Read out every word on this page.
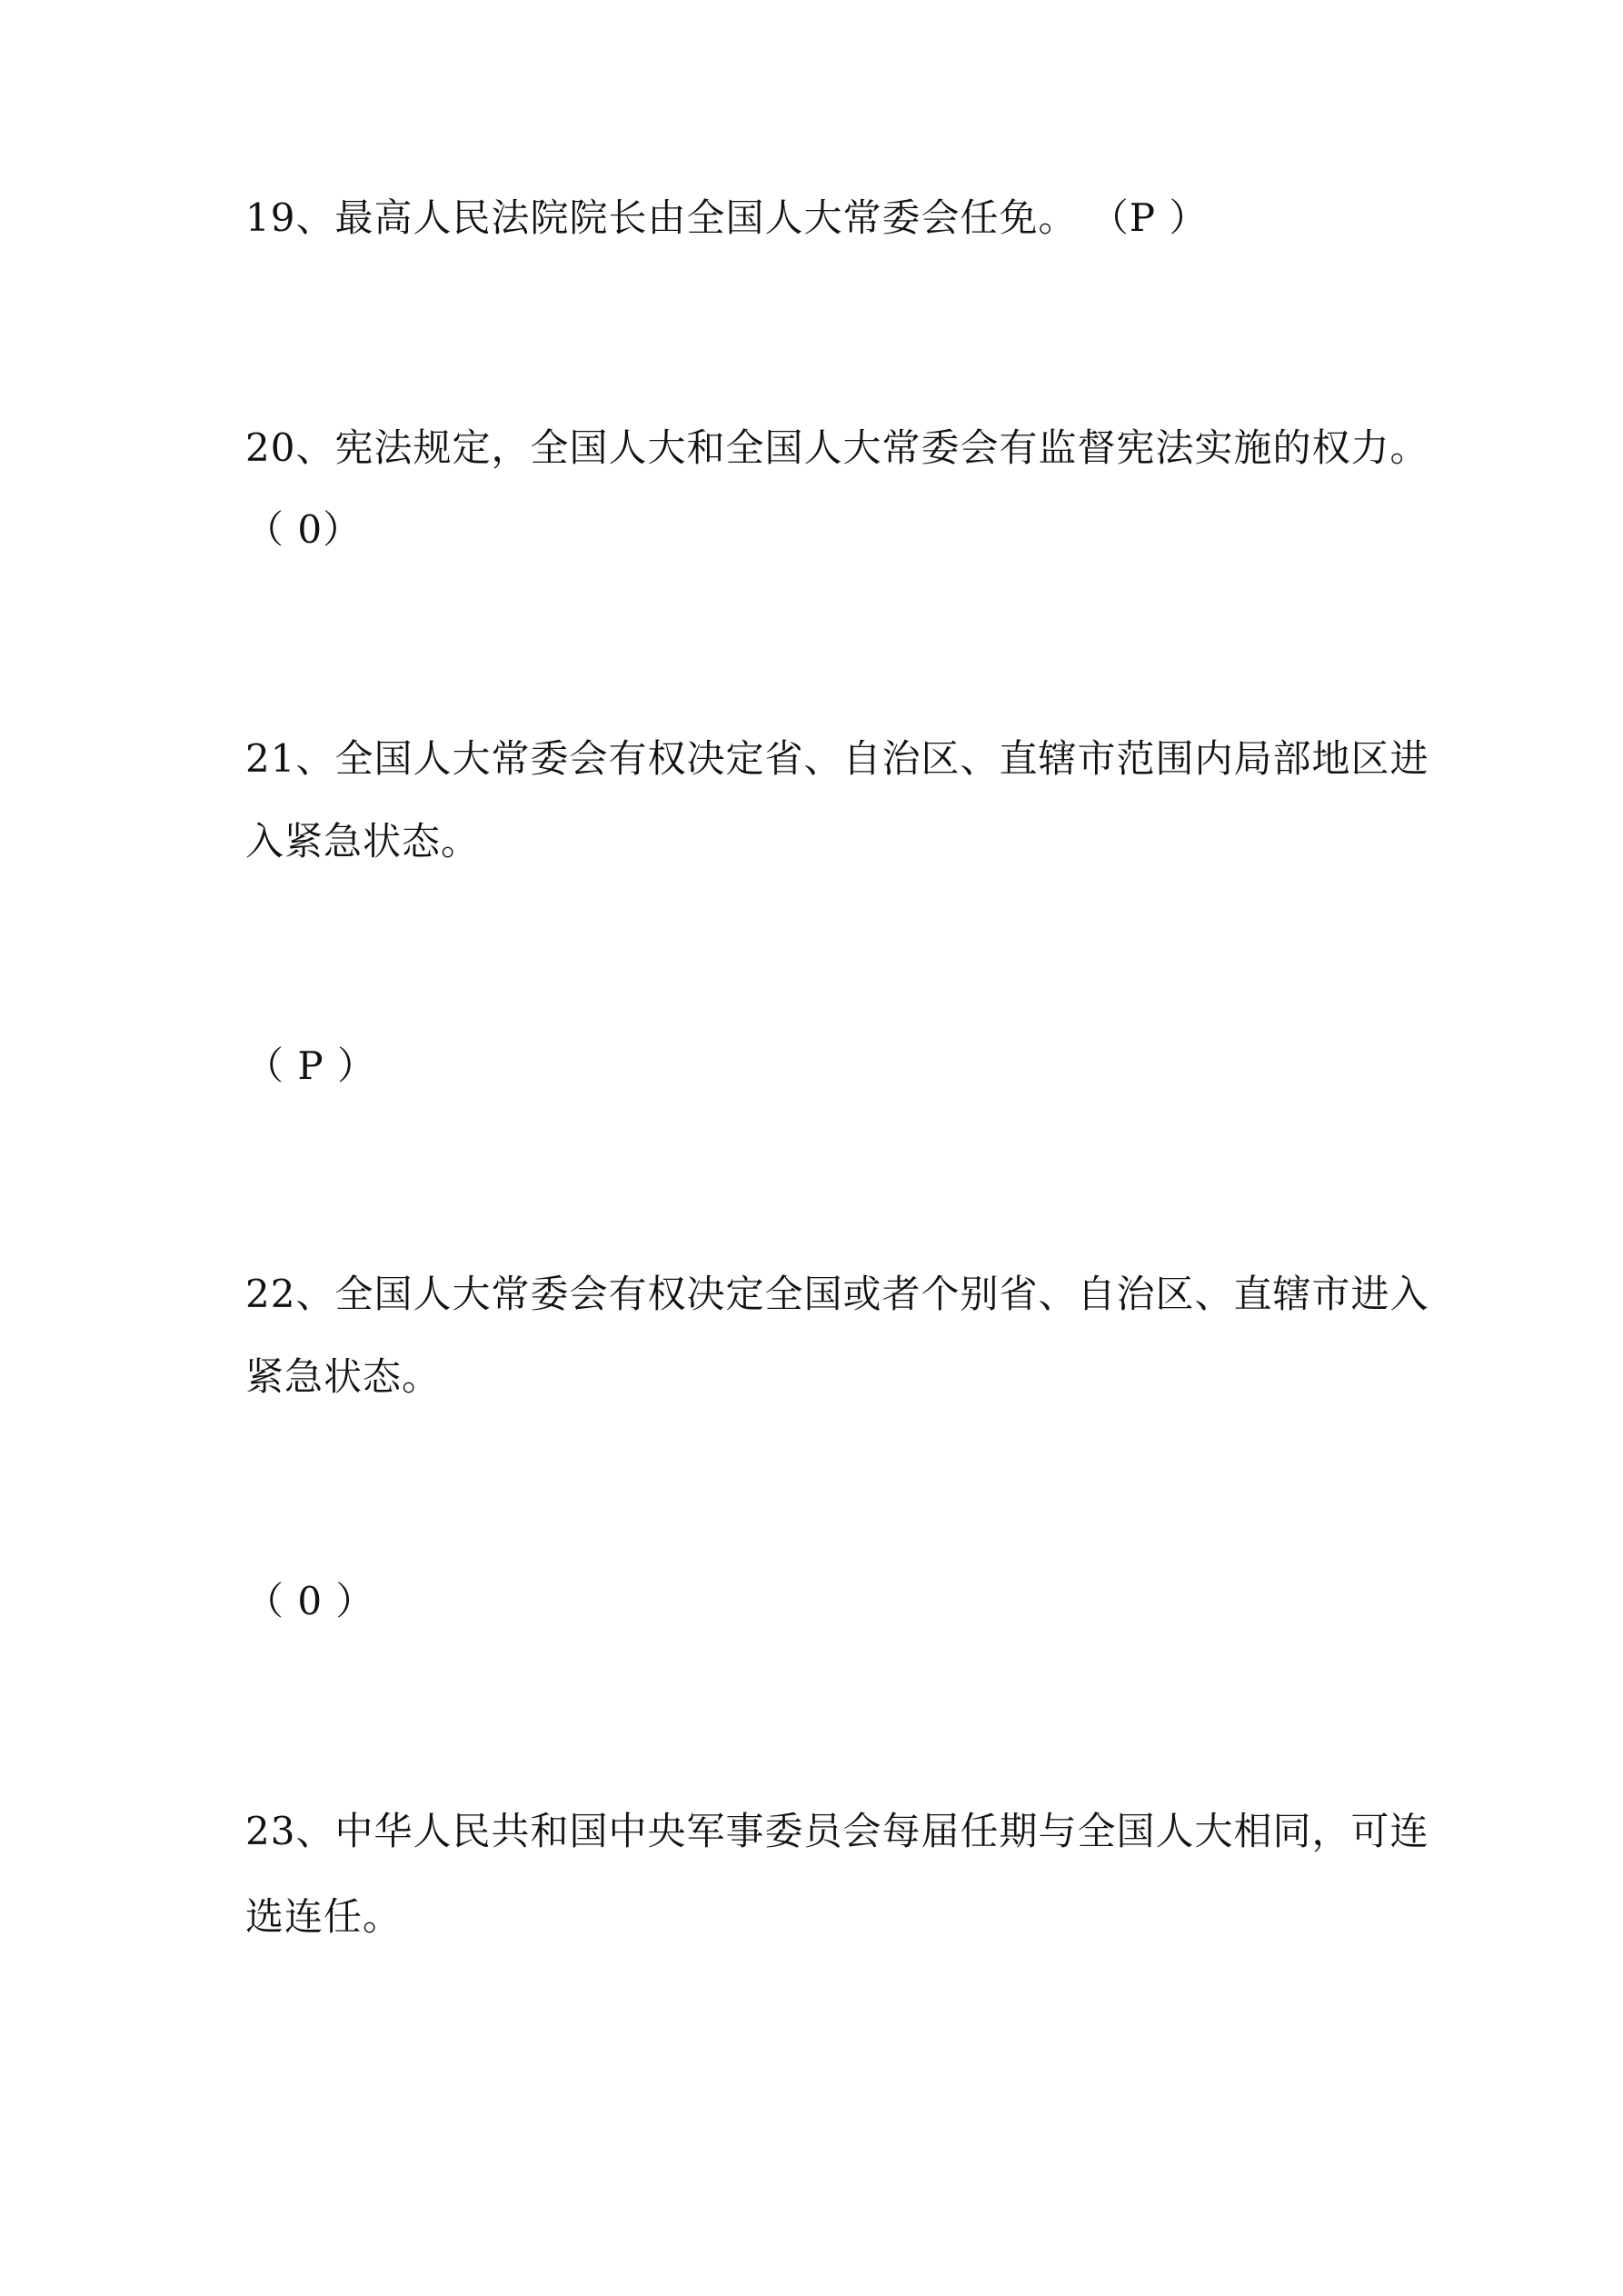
19、最高人民法院院长由全国人大常委会任免。 （P ）
20、宪法规定，全国人大和全国人大常委会有监督宪法实施的权力。
（ 0）
21、全国人大常委会有权决定省、自治区、直辖市范围内局部地区进
入紧急状态。
（ P ）
22、全国人大常委会有权决定全国或者个别省、自治区、直辖市进入
紧急状态。
（ 0 ）
23、中华人民共和国中央军事委员会每届任期与全国人大相同，可连
选连任。
